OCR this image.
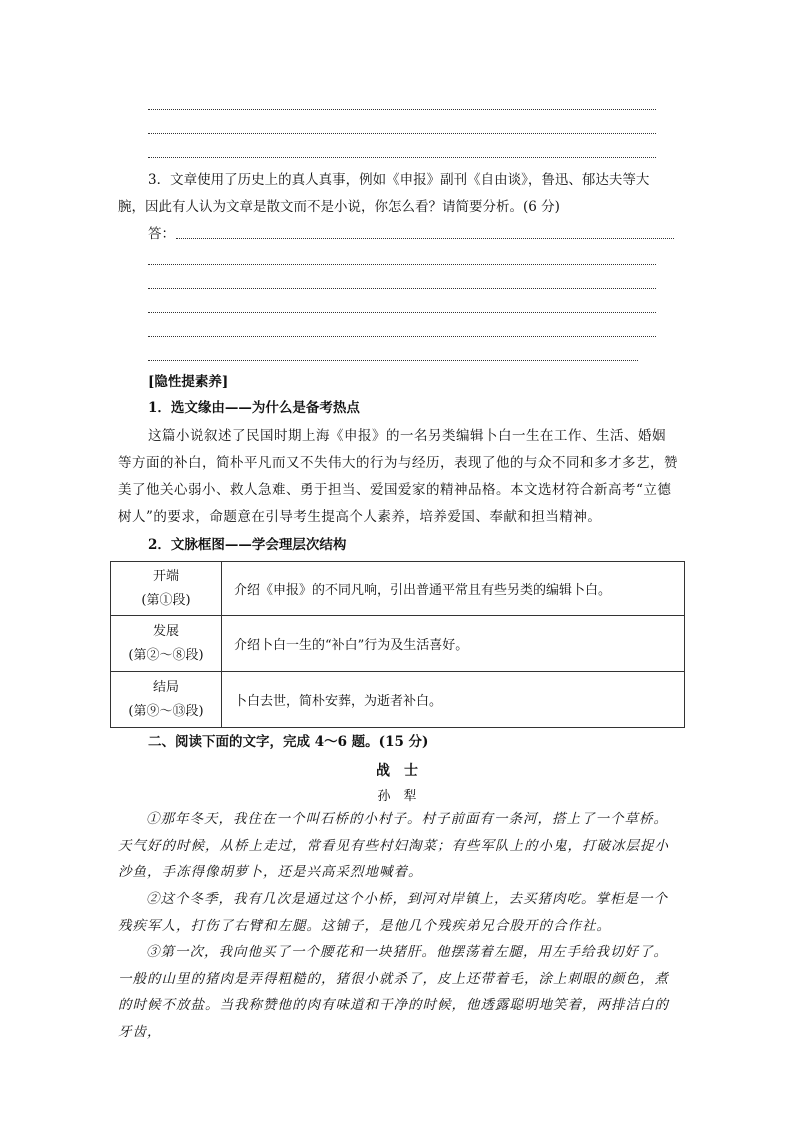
3．文章使用了历史上的真人真事，例如《申报》副刊《自由谈》，鲁迅、郁达夫等大
腕，因此有人认为文章是散文而不是小说，你怎么看？请简要分析。(6 分)
答：
[隐性提素养]
1．选文缘由——为什么是备考热点
这篇小说叙述了民国时期上海《申报》的一名另类编辑卜白一生在工作、生活、婚姻等方面的补白，简朴平凡而又不失伟大的行为与经历，表现了他的与众不同和多才多艺，赞美了他关心弱小、救人急难、勇于担当、爱国爱家的精神品格。本文选材符合新高考“立德树人”的要求，命题意在引导考生提高个人素养，培养爱国、奉献和担当精神。
2．文脉框图——学会理层次结构
开端
(第①段)	介绍《申报》的不同凡响，引出普通平常且有些另类的编辑卜白。

发展
(第②～⑧段)	介绍卜白一生的“补白”行为及生活喜好。

结局
(第⑨～⑬段)	卜白去世，简朴安葬，为逝者补白。
二、阅读下面的文字，完成 4～6 题。(15 分)
战　士
孙　犁
①那年冬天，我住在一个叫石桥的小村子。村子前面有一条河，搭上了一个草桥。天气好的时候，从桥上走过，常看见有些村妇淘菜；有些军队上的小鬼，打破冰层捉小沙鱼，手冻得像胡萝卜，还是兴高采烈地喊着。
②这个冬季，我有几次是通过这个小桥，到河对岸镇上，去买猪肉吃。掌柜是一个残疾军人，打伤了右臂和左腿。这铺子，是他几个残疾弟兄合股开的合作社。
③第一次，我向他买了一个腰花和一块猪肝。他摆荡着左腿，用左手给我切好了。一般的山里的猪肉是弄得粗糙的，猪很小就杀了，皮上还带着毛，涂上刺眼的颜色，煮的时候不放盐。当我称赞他的肉有味道和干净的时候，他透露聪明地笑着，两排洁白的牙齿，
